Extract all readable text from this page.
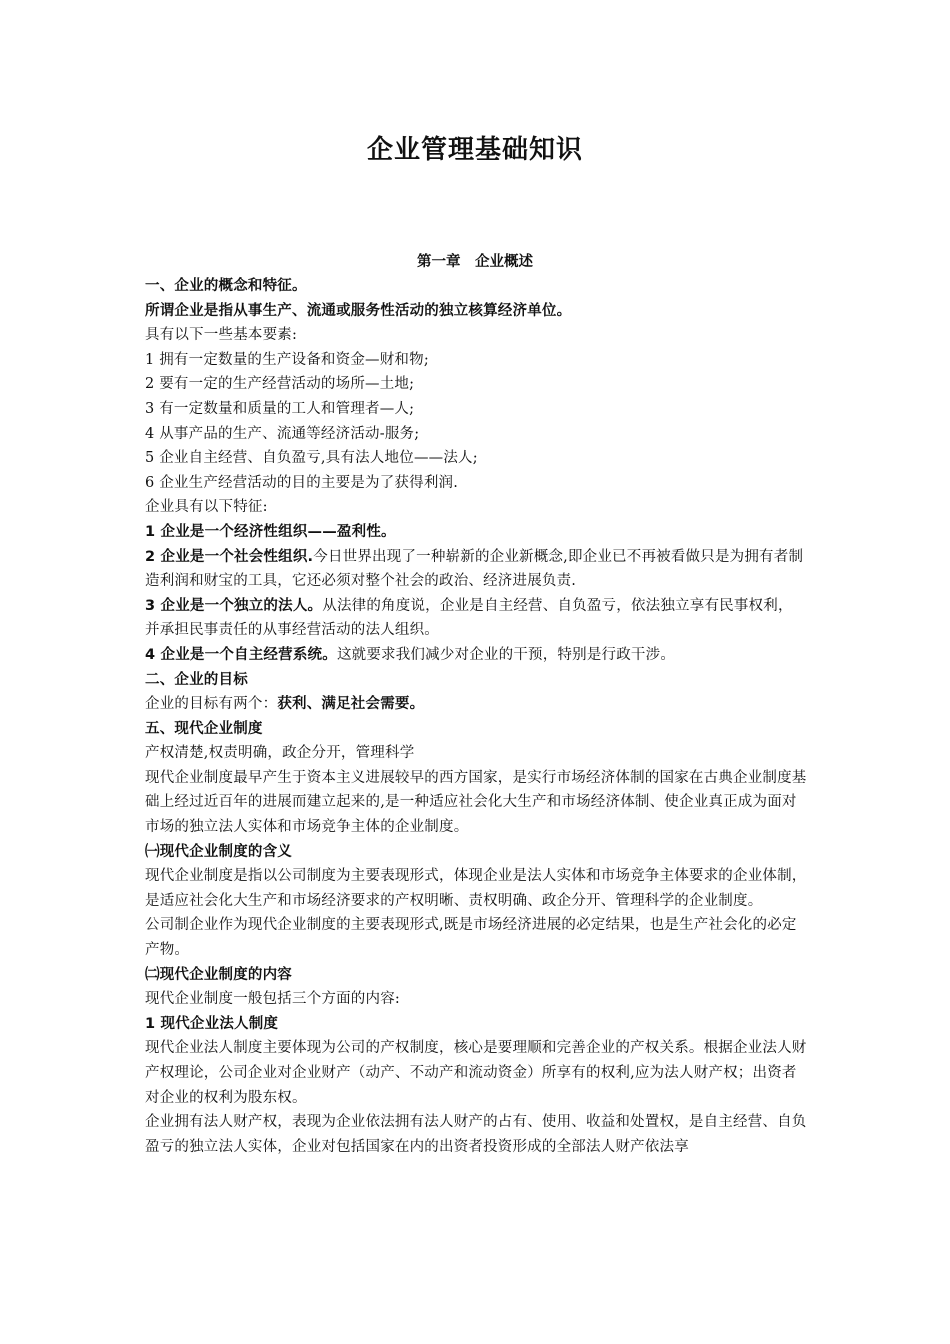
企业管理基础知识
第一章　企业概述

一、企业的概念和特征。

所谓企业是指从事生产、流通或服务性活动的独立核算经济单位。

具有以下一些基本要素:

1 拥有一定数量的生产设备和资金—财和物;

2 要有一定的生产经营活动的场所—土地;

3 有一定数量和质量的工人和管理者—人;

4 从事产品的生产、流通等经济活动-服务;

5 企业自主经营、自负盈亏,具有法人地位——法人;

6 企业生产经营活动的目的主要是为了获得利润.

企业具有以下特征:

1 企业是一个经济性组织——盈利性。

2 企业是一个社会性组织.今日世界出现了一种崭新的企业新概念,即企业已不再被看做只是为拥有者制造利润和财宝的工具，它还必须对整个社会的政治、经济进展负责.

3 企业是一个独立的法人。从法律的角度说，企业是自主经营、自负盈亏，依法独立享有民事权利，并承担民事责任的从事经营活动的法人组织。

4 企业是一个自主经营系统。这就要求我们减少对企业的干预，特别是行政干涉。

二、企业的目标

企业的目标有两个：获利、满足社会需要。

五、现代企业制度

产权清楚,权责明确，政企分开，管理科学

现代企业制度最早产生于资本主义进展较早的西方国家，是实行市场经济体制的国家在古典企业制度基础上经过近百年的进展而建立起来的,是一种适应社会化大生产和市场经济体制、使企业真正成为面对市场的独立法人实体和市场竞争主体的企业制度。

㈠现代企业制度的含义

现代企业制度是指以公司制度为主要表现形式，体现企业是法人实体和市场竞争主体要求的企业体制，是适应社会化大生产和市场经济要求的产权明晰、责权明确、政企分开、管理科学的企业制度。

公司制企业作为现代企业制度的主要表现形式,既是市场经济进展的必定结果，也是生产社会化的必定产物。

㈡现代企业制度的内容

现代企业制度一般包括三个方面的内容:

1 现代企业法人制度

现代企业法人制度主要体现为公司的产权制度，核心是要理顺和完善企业的产权关系。根据企业法人财产权理论，公司企业对企业财产（动产、不动产和流动资金）所享有的权利,应为法人财产权；出资者对企业的权利为股东权。

企业拥有法人财产权，表现为企业依法拥有法人财产的占有、使用、收益和处置权，是自主经营、自负盈亏的独立法人实体，企业对包括国家在内的出资者投资形成的全部法人财产依法享
